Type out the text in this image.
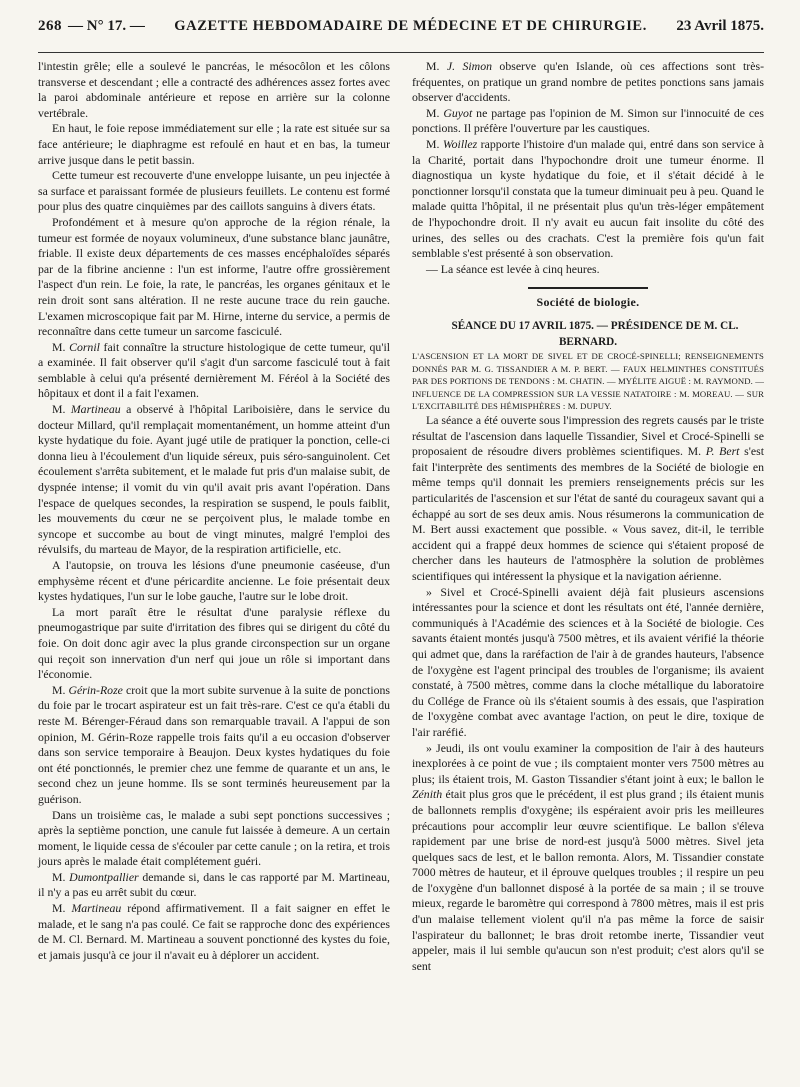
268 — N° 17. —	GAZETTE HEBDOMADAIRE DE MÉDECINE ET DE CHIRURGIE.	23 Avril 1875.

l'intestin grêle; elle a soulevé le pancréas, le mésocôlon et les côlons transverse et descendant ; elle a contracté des adhérences assez fortes avec la paroi abdominale antérieure et repose en arrière sur la colonne vertébrale.

En haut, le foie repose immédiatement sur elle ; la rate est située sur sa face antérieure; le diaphragme est refoulé en haut et en bas, la tumeur arrive jusque dans le petit bassin.

Cette tumeur est recouverte d'une enveloppe luisante, un peu injectée à sa surface et paraissant formée de plusieurs feuillets. Le contenu est formé pour plus des quatre cinquièmes par des caillots sanguins à divers états.

Profondément et à mesure qu'on approche de la région rénale, la tumeur est formée de noyaux volumineux, d'une substance blanc jaunâtre, friable. Il existe deux départements de ces masses encéphaloïdes séparés par de la fibrine ancienne : l'un est informe, l'autre offre grossièrement l'aspect d'un rein. Le foie, la rate, le pancréas, les organes génitaux et le rein droit sont sans altération. Il ne reste aucune trace du rein gauche. L'examen microscopique fait par M. Hirne, interne du service, a permis de reconnaître dans cette tumeur un sarcome fasciculé.

M. Cornil fait connaître la structure histologique de cette tumeur, qu'il a examinée. Il fait observer qu'il s'agit d'un sarcome fasciculé tout à fait semblable à celui qu'a présenté dernièrement M. Féréol à la Société des hôpitaux et dont il a fait l'examen.

M. Martineau a observé à l'hôpital Lariboisière, dans le service du docteur Millard, qu'il remplaçait momentanément, un homme atteint d'un kyste hydatique du foie. Ayant jugé utile de pratiquer la ponction, celle-ci donna lieu à l'écoulement d'un liquide séreux, puis séro-sanguinolent. Cet écoulement s'arrêta subitement, et le malade fut pris d'un malaise subit, de dyspnée intense; il vomit du vin qu'il avait pris avant l'opération. Dans l'espace de quelques secondes, la respiration se suspend, le pouls faiblit, les mouvements du cœur ne se perçoivent plus, le malade tombe en syncope et succombe au bout de vingt minutes, malgré l'emploi des révulsifs, du marteau de Mayor, de la respiration artificielle, etc.

A l'autopsie, on trouva les lésions d'une pneumonie caséeuse, d'un emphysème récent et d'une péricardite ancienne. Le foie présentait deux kystes hydatiques, l'un sur le lobe gauche, l'autre sur le lobe droit.

La mort paraît être le résultat d'une paralysie réflexe du pneumogastrique par suite d'irritation des fibres qui se dirigent du côté du foie. On doit donc agir avec la plus grande circonspection sur un organe qui reçoit son innervation d'un nerf qui joue un rôle si important dans l'économie.

M. Gérin-Roze croit que la mort subite survenue à la suite de ponctions du foie par le trocart aspirateur est un fait très-rare. C'est ce qu'a établi du reste M. Bérenger-Féraud dans son remarquable travail. A l'appui de son opinion, M. Gérin-Roze rappelle trois faits qu'il a eu occasion d'observer dans son service temporaire à Beaujon. Deux kystes hydatiques du foie ont été ponctionnés, le premier chez une femme de quarante et un ans, le second chez un jeune homme. Ils se sont terminés heureusement par la guérison.

Dans un troisième cas, le malade a subi sept ponctions successives ; après la septième ponction, une canule fut laissée à demeure. A un certain moment, le liquide cessa de s'écouler par cette canule ; on la retira, et trois jours après le malade était complétement guéri.

M. Dumontpallier demande si, dans le cas rapporté par M. Martineau, il n'y a pas eu arrêt subit du cœur.

M. Martineau répond affirmativement. Il a fait saigner en effet le malade, et le sang n'a pas coulé. Ce fait se rapproche donc des expériences de M. Cl. Bernard. M. Martineau a souvent ponctionné des kystes du foie, et jamais jusqu'à ce jour il n'avait eu à déplorer un accident.

M. J. Simon observe qu'en Islande, où ces affections sont très-fréquentes, on pratique un grand nombre de petites ponctions sans jamais observer d'accidents.

M. Guyot ne partage pas l'opinion de M. Simon sur l'innocuité de ces ponctions. Il préfère l'ouverture par les caustiques.

M. Woillez rapporte l'histoire d'un malade qui, entré dans son service à la Charité, portait dans l'hypochondre droit une tumeur énorme. Il diagnostiqua un kyste hydatique du foie, et il s'était décidé à le ponctionner lorsqu'il constata que la tumeur diminuait peu à peu. Quand le malade quitta l'hôpital, il ne présentait plus qu'un très-léger empâtement de l'hypochondre droit. Il n'y avait eu aucun fait insolite du côté des urines, des selles ou des crachats. C'est la première fois qu'un fait semblable s'est présenté à son observation.

— La séance est levée à cinq heures.

Société de biologie.

SÉANCE DU 17 AVRIL 1875. — PRÉSIDENCE DE M. CL. BERNARD.

L'ASCENSION ET LA MORT DE SIVEL ET DE CROCÉ-SPINELLI; RENSEIGNEMENTS DONNÉS PAR M. G. TISSANDIER A M. P. BERT. — FAUX HELMINTHES CONSTITUÉS PAR DES PORTIONS DE TENDONS : M. CHATIN. — MYÉLITE AIGUË : M. RAYMOND. — INFLUENCE DE LA COMPRESSION SUR LA VESSIE NATATOIRE : M. MOREAU. — SUR L'EXCITABILITÉ DES HÉMISPHÈRES : M. DUPUY.

La séance a été ouverte sous l'impression des regrets causés par le triste résultat de l'ascension dans laquelle Tissandier, Sivel et Crocé-Spinelli se proposaient de résoudre divers problèmes scientifiques. M. P. Bert s'est fait l'interprète des sentiments des membres de la Société de biologie en même temps qu'il donnait les premiers renseignements précis sur les particularités de l'ascension et sur l'état de santé du courageux savant qui a échappé au sort de ses deux amis. Nous résumerons la communication de M. Bert aussi exactement que possible. « Vous savez, dit-il, le terrible accident qui a frappé deux hommes de science qui s'étaient proposé de chercher dans les hauteurs de l'atmosphère la solution de problèmes scientifiques qui intéressent la physique et la navigation aérienne.

» Sivel et Crocé-Spinelli avaient déjà fait plusieurs ascensions intéressantes pour la science et dont les résultats ont été, l'année dernière, communiqués à l'Académie des sciences et à la Société de biologie. Ces savants étaient montés jusqu'à 7500 mètres, et ils avaient vérifié la théorie qui admet que, dans la raréfaction de l'air à de grandes hauteurs, l'absence de l'oxygène est l'agent principal des troubles de l'organisme; ils avaient constaté, à 7500 mètres, comme dans la cloche métallique du laboratoire du Collége de France où ils s'étaient soumis à des essais, que l'aspiration de l'oxygène combat avec avantage l'action, on peut le dire, toxique de l'air raréfié.

» Jeudi, ils ont voulu examiner la composition de l'air à des hauteurs inexplorées à ce point de vue ; ils comptaient monter vers 7500 mètres au plus; ils étaient trois, M. Gaston Tissandier s'étant joint à eux; le ballon le Zénith était plus gros que le précédent, il est plus grand ; ils étaient munis de ballonnets remplis d'oxygène; ils espéraient avoir pris les meilleures précautions pour accomplir leur œuvre scientifique. Le ballon s'éleva rapidement par une brise de nord-est jusqu'à 5000 mètres. Sivel jeta quelques sacs de lest, et le ballon remonta. Alors, M. Tissandier constate 7000 mètres de hauteur, et il éprouve quelques troubles ; il respire un peu de l'oxygène d'un ballonnet disposé à la portée de sa main ; il se trouve mieux, regarde le baromètre qui correspond à 7800 mètres, mais il est pris d'un malaise tellement violent qu'il n'a pas même la force de saisir l'aspirateur du ballonnet; le bras droit retombe inerte, Tissandier veut appeler, mais il lui semble qu'aucun son n'est produit; c'est alors qu'il se sent
